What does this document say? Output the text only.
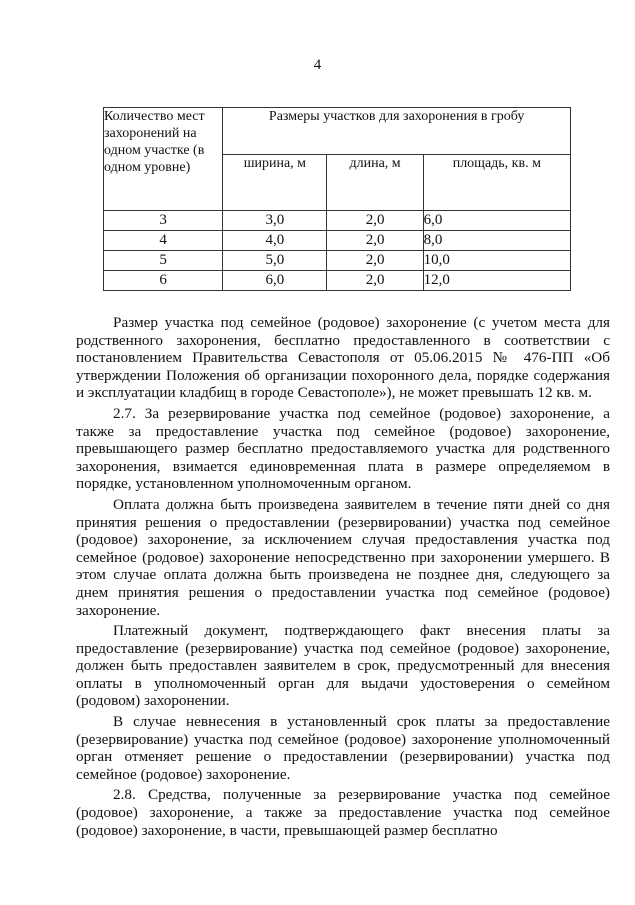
4
Количество мест захоронений на одном участке (в одном уровне)	Размеры участков для захоронения в гробу		
	ширина, м	длина, м	площадь, кв. м
3	3,0	2,0	6,0
4	4,0	2,0	8,0
5	5,0	2,0	10,0
6	6,0	2,0	12,0

Размер участка под семейное (родовое) захоронение (с учетом места для родственного захоронения, бесплатно предоставленного в соответствии с постановлением Правительства Севастополя от 05.06.2015 № 476-ПП «Об утверждении Положения об организации похоронного дела, порядке содержания и эксплуатации кладбищ в городе Севастополе»), не может превышать 12 кв. м.

2.7. За резервирование участка под семейное (родовое) захоронение, а также за предоставление участка под семейное (родовое) захоронение, превышающего размер бесплатно предоставляемого участка для родственного захоронения, взимается единовременная плата в размере определяемом в порядке, установленном уполномоченным органом.

Оплата должна быть произведена заявителем в течение пяти дней со дня принятия решения о предоставлении (резервировании) участка под семейное (родовое) захоронение, за исключением случая предоставления участка под семейное (родовое) захоронение непосредственно при захоронении умершего. В этом случае оплата должна быть произведена не позднее дня, следующего за днем принятия решения о предоставлении участка под семейное (родовое) захоронение.

Платежный документ, подтверждающего факт внесения платы за предоставление (резервирование) участка под семейное (родовое) захоронение, должен быть предоставлен заявителем в срок, предусмотренный для внесения оплаты в уполномоченный орган для выдачи удостоверения о семейном (родовом) захоронении.

В случае невнесения в установленный срок платы за предоставление (резервирование) участка под семейное (родовое) захоронение уполномоченный орган отменяет решение о предоставлении (резервировании) участка под семейное (родовое) захоронение.

2.8. Средства, полученные за резервирование участка под семейное (родовое) захоронение, а также за предоставление участка под семейное (родовое) захоронение, в части, превышающей размер бесплатно
